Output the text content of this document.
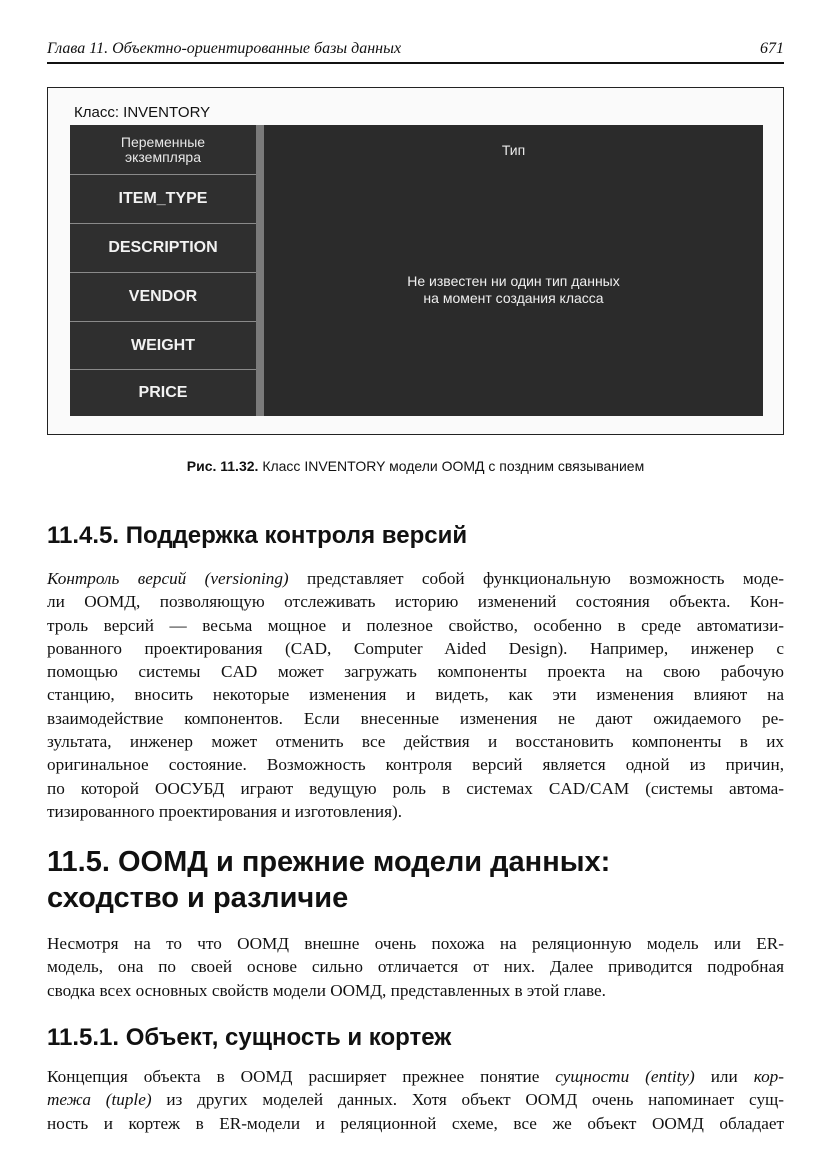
Глава 11. Объектно-ориентированные базы данных	671
Класс: INVENTORY
Переменные
экземпляра
ITEM_TYPE
DESCRIPTION
VENDOR
WEIGHT
PRICE
Тип
Не известен ни один тип данных
на момент создания класса
Рис. 11.32. Класс INVENTORY модели ООМД с поздним связыванием
11.4.5. Поддержка контроля версий
Контроль версий (versioning) представляет собой функциональную возможность моде-
ли ООМД, позволяющую отслеживать историю изменений состояния объекта. Кон-
троль версий — весьма мощное и полезное свойство, особенно в среде автоматизи-
рованного проектирования (CAD, Computer Aided Design). Например, инженер с
помощью системы CAD может загружать компоненты проекта на свою рабочую
станцию, вносить некоторые изменения и видеть, как эти изменения влияют на
взаимодействие компонентов. Если внесенные изменения не дают ожидаемого ре-
зультата, инженер может отменить все действия и восстановить компоненты в их
оригинальное состояние. Возможность контроля версий является одной из причин,
по которой ООСУБД играют ведущую роль в системах CAD/CAM (системы автома-
тизированного проектирования и изготовления).
11.5. ООМД и прежние модели данных:
сходство и различие
Несмотря на то что ООМД внешне очень похожа на реляционную модель или ER-
модель, она по своей основе сильно отличается от них. Далее приводится подробная
сводка всех основных свойств модели ООМД, представленных в этой главе.
11.5.1. Объект, сущность и кортеж
Концепция объекта в ООМД расширяет прежнее понятие сущности (entity) или кор-
тежа (tuple) из других моделей данных. Хотя объект ООМД очень напоминает сущ-
ность и кортеж в ER-модели и реляционной схеме, все же объект ООМД обладает
